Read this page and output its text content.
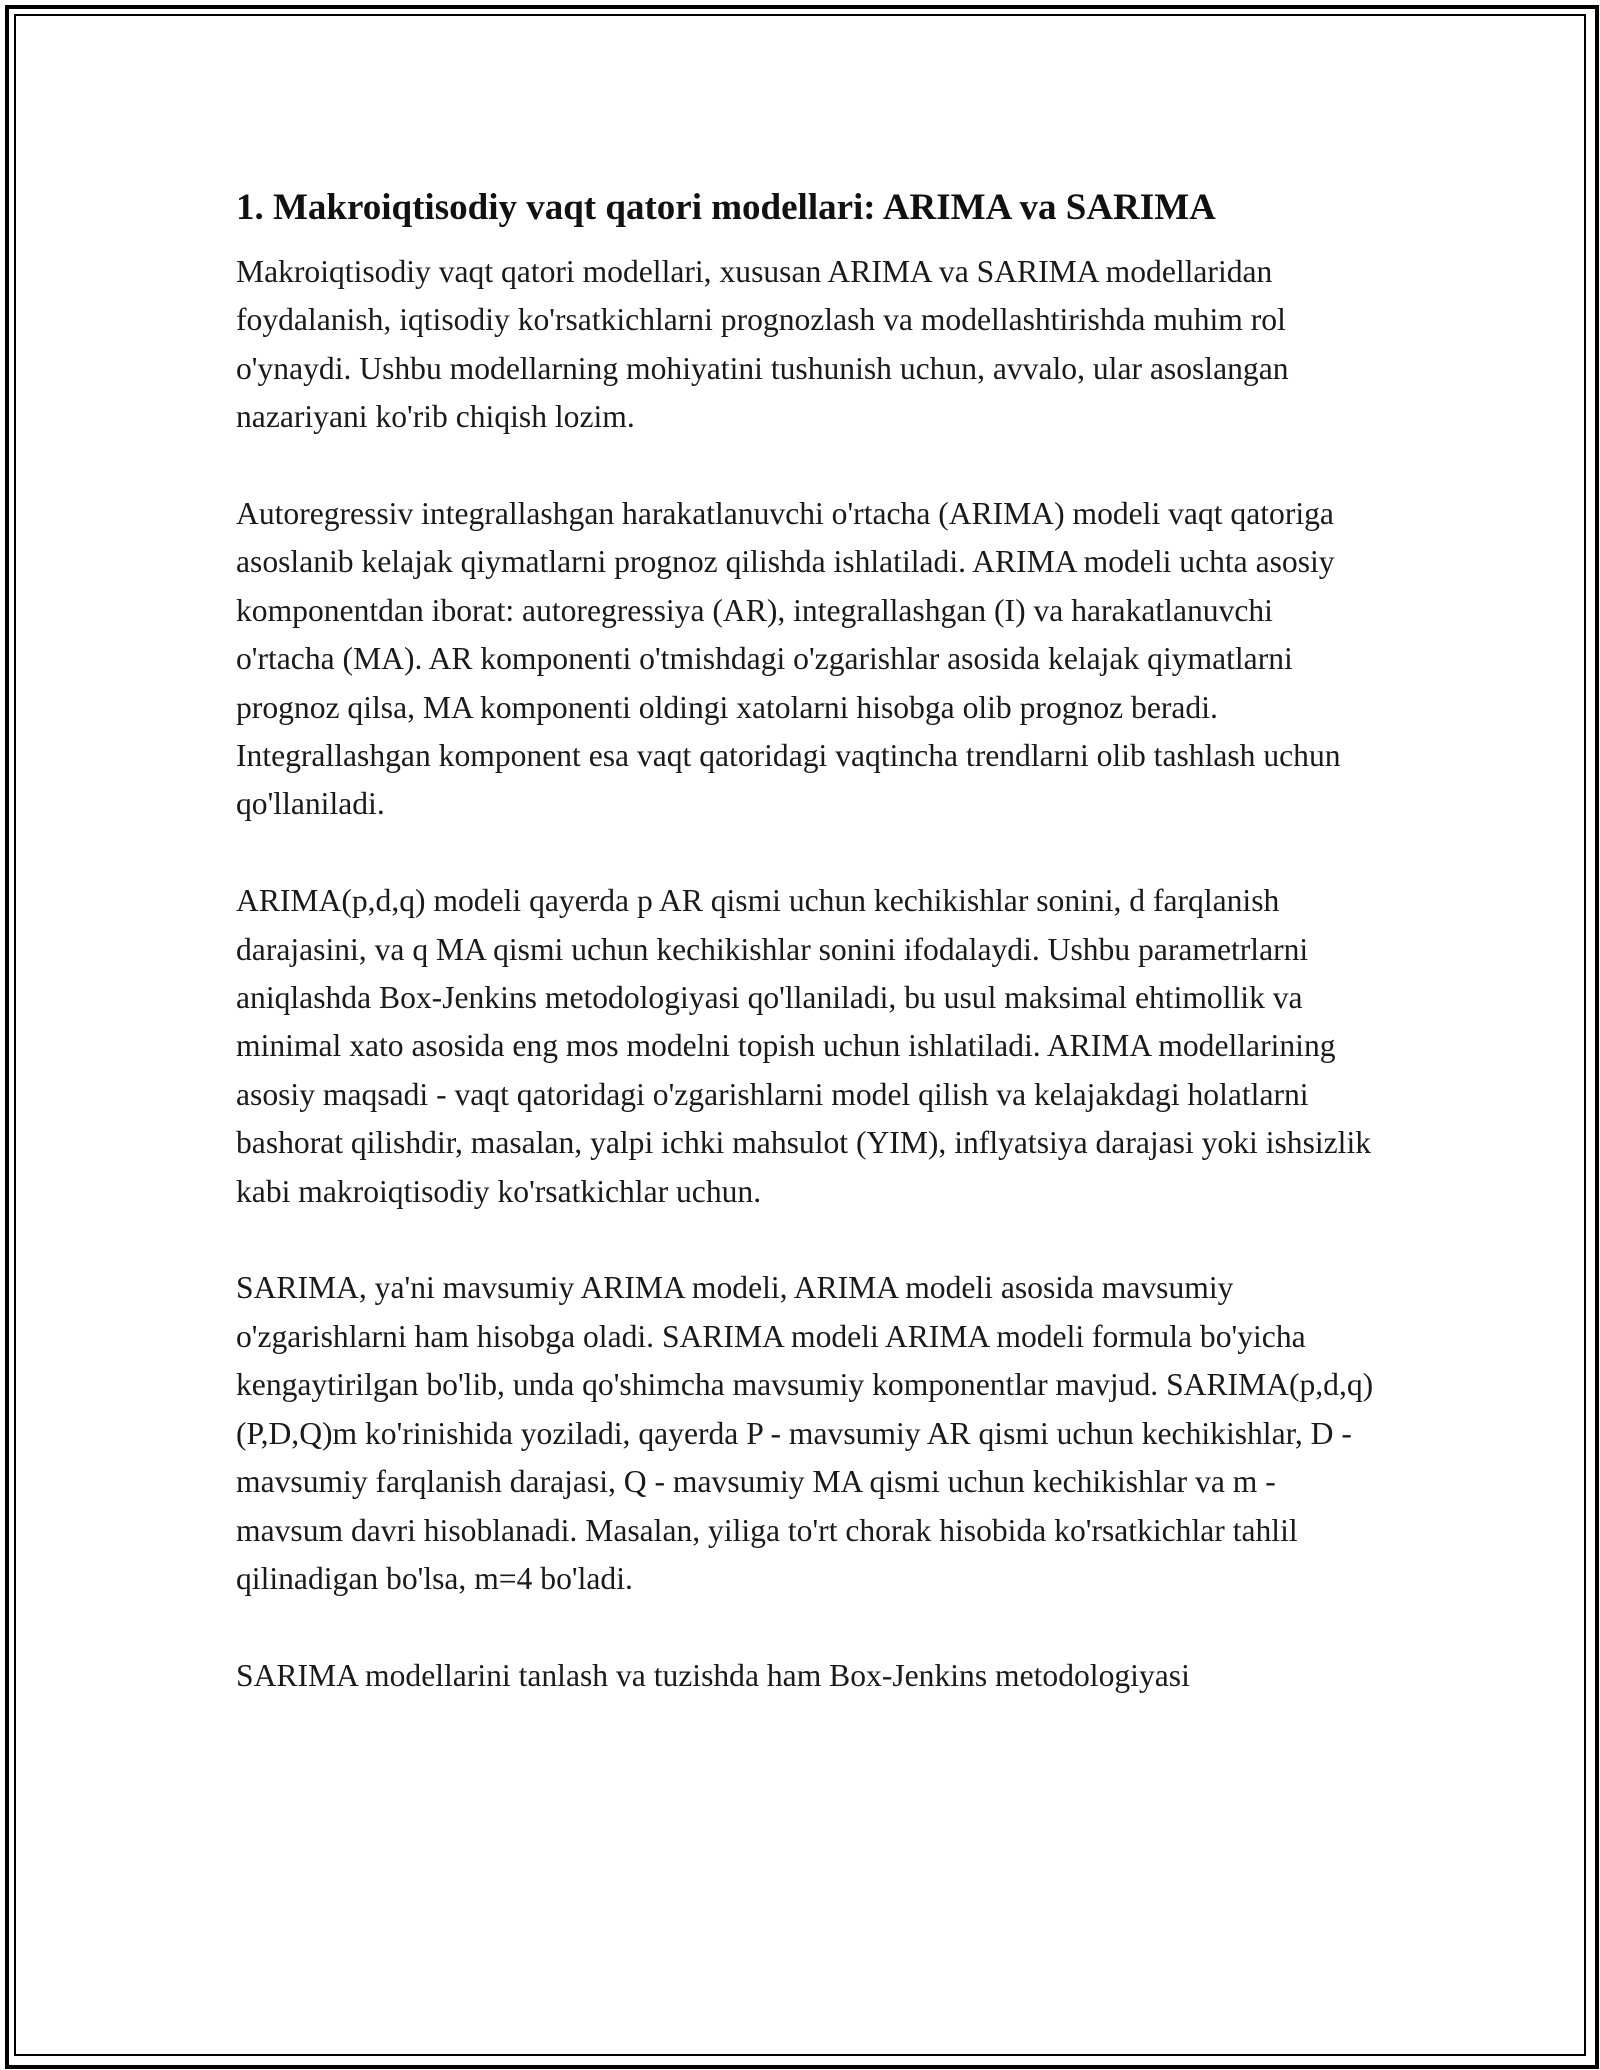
1. Makroiqtisodiy vaqt qatori modellari: ARIMA va SARIMA

Makroiqtisodiy vaqt qatori modellari, xususan ARIMA va SARIMA modellaridan foydalanish, iqtisodiy ko'rsatkichlarni prognozlash va modellashtirishda muhim rol o'ynaydi. Ushbu modellarning mohiyatini tushunish uchun, avvalo, ular asoslangan nazariyani ko'rib chiqish lozim.

Autoregressiv integrallashgan harakatlanuvchi o'rtacha (ARIMA) modeli vaqt qatoriga asoslanib kelajak qiymatlarni prognoz qilishda ishlatiladi. ARIMA modeli uchta asosiy komponentdan iborat: autoregressiya (AR), integrallashgan (I) va harakatlanuvchi o'rtacha (MA). AR komponenti o'tmishdagi o'zgarishlar asosida kelajak qiymatlarni prognoz qilsa, MA komponenti oldingi xatolarni hisobga olib prognoz beradi. Integrallashgan komponent esa vaqt qatoridagi vaqtincha trendlarni olib tashlash uchun qo'llaniladi.

ARIMA(p,d,q) modeli qayerda p AR qismi uchun kechikishlar sonini, d farqlanish darajasini, va q MA qismi uchun kechikishlar sonini ifodalaydi. Ushbu parametrlarni aniqlashda Box-Jenkins metodologiyasi qo'llaniladi, bu usul maksimal ehtimollik va minimal xato asosida eng mos modelni topish uchun ishlatiladi. ARIMA modellarining asosiy maqsadi - vaqt qatoridagi o'zgarishlarni model qilish va kelajakdagi holatlarni bashorat qilishdir, masalan, yalpi ichki mahsulot (YIM), inflyatsiya darajasi yoki ishsizlik kabi makroiqtisodiy ko'rsatkichlar uchun.

SARIMA, ya'ni mavsumiy ARIMA modeli, ARIMA modeli asosida mavsumiy o'zgarishlarni ham hisobga oladi. SARIMA modeli ARIMA modeli formula bo'yicha kengaytirilgan bo'lib, unda qo'shimcha mavsumiy komponentlar mavjud. SARIMA(p,d,q)(P,D,Q)m ko'rinishida yoziladi, qayerda P - mavsumiy AR qismi uchun kechikishlar, D - mavsumiy farqlanish darajasi, Q - mavsumiy MA qismi uchun kechikishlar va m - mavsum davri hisoblanadi. Masalan, yiliga to'rt chorak hisobida ko'rsatkichlar tahlil qilinadigan bo'lsa, m=4 bo'ladi.

SARIMA modellarini tanlash va tuzishda ham Box-Jenkins metodologiyasi
